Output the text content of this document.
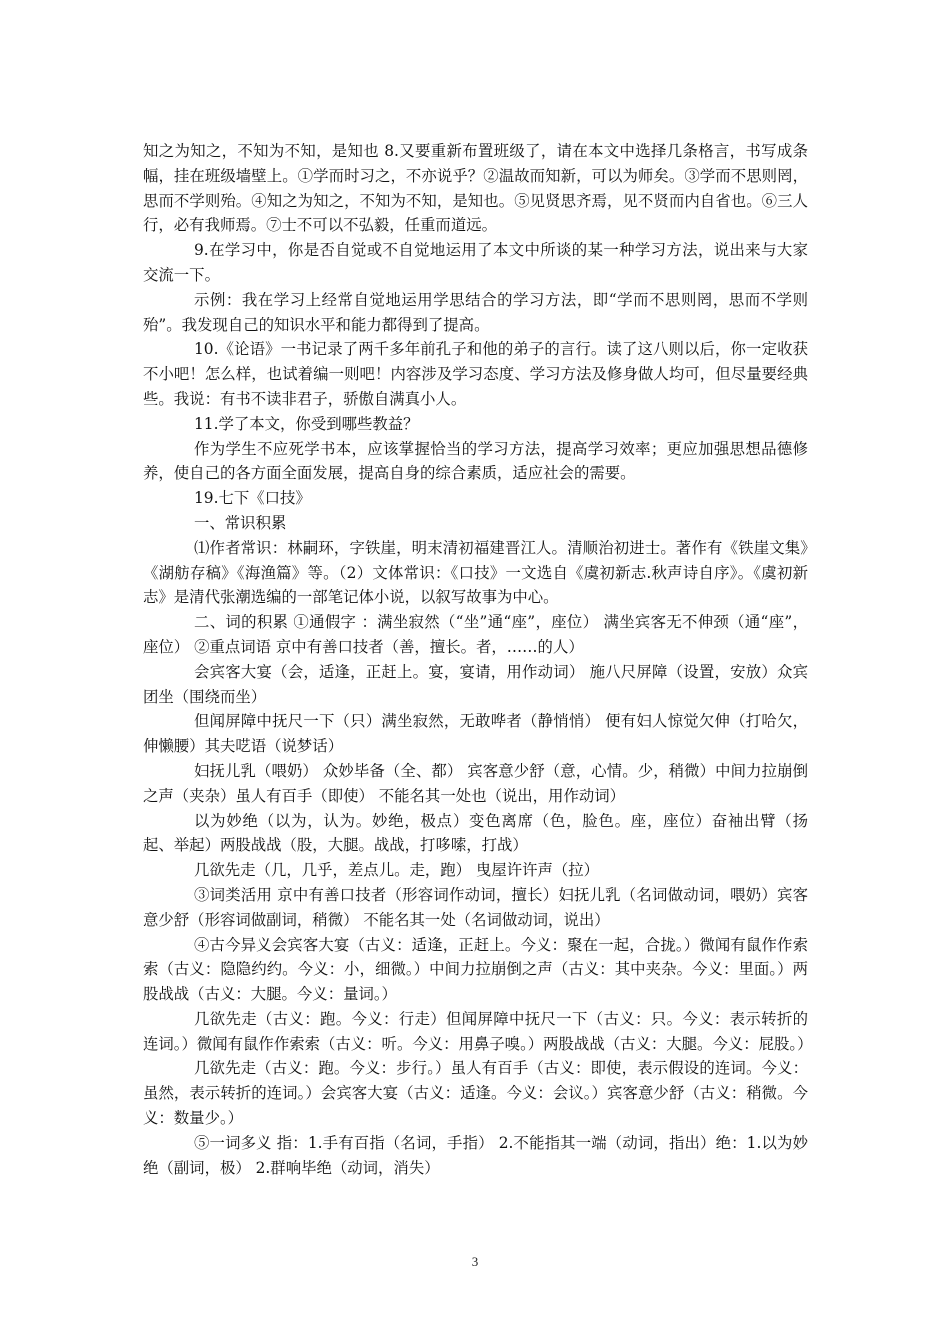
知之为知之，不知为不知，是知也 8.又要重新布置班级了，请在本文中选择几条格言，书写成条幅，挂在班级墙壁上。①学而时习之，不亦说乎？②温故而知新，可以为师矣。③学而不思则罔，思而不学则殆。④知之为知之，不知为不知，是知也。⑤见贤思齐焉，见不贤而内自省也。⑥三人行，必有我师焉。⑦士不可以不弘毅，任重而道远。

9.在学习中，你是否自觉或不自觉地运用了本文中所谈的某一种学习方法，说出来与大家交流一下。

示例：我在学习上经常自觉地运用学思结合的学习方法，即“学而不思则罔，思而不学则殆”。我发现自己的知识水平和能力都得到了提高。

10.《论语》一书记录了两千多年前孔子和他的弟子的言行。读了这八则以后，你一定收获不小吧！怎么样，也试着编一则吧！内容涉及学习态度、学习方法及修身做人均可，但尽量要经典些。我说：有书不读非君子，骄傲自满真小人。

11.学了本文，你受到哪些教益？

作为学生不应死学书本，应该掌握恰当的学习方法，提高学习效率；更应加强思想品德修养，使自己的各方面全面发展，提高自身的综合素质，适应社会的需要。

19.七下《口技》

一、常识积累

⑴作者常识：林嗣环，字铁崖，明末清初福建晋江人。清顺治初进士。著作有《铁崖文集》《湖舫存稿》《海渔篇》等。（2）文体常识：《口技》一文选自《虞初新志.秋声诗自序》。《虞初新志》是清代张潮选编的一部笔记体小说，以叙写故事为中心。

二、词的积累 ①通假字 ：满坐寂然（“坐”通“座”，座位） 满坐宾客无不伸颈（通“座”，座位） ②重点词语 京中有善口技者（善，擅长。者，……的人）

会宾客大宴（会，适逢，正赶上。宴，宴请，用作动词） 施八尺屏障（设置，安放）众宾团坐（围绕而坐）

但闻屏障中抚尺一下（只）满坐寂然，无敢哗者（静悄悄） 便有妇人惊觉欠伸（打哈欠，伸懒腰）其夫呓语（说梦话）

妇抚儿乳（喂奶） 众妙毕备（全、都） 宾客意少舒（意，心情。少，稍微）中间力拉崩倒之声（夹杂）虽人有百手（即使） 不能名其一处也（说出，用作动词）

以为妙绝（以为，认为。妙绝，极点）变色离席（色，脸色。座，座位）奋袖出臂（扬起、举起）两股战战（股，大腿。战战，打哆嗦，打战）

几欲先走（几，几乎，差点儿。走，跑） 曳屋许许声（拉）

③词类活用 京中有善口技者（形容词作动词，擅长）妇抚儿乳（名词做动词，喂奶）宾客意少舒（形容词做副词，稍微） 不能名其一处（名词做动词，说出）

④古今异义会宾客大宴（古义：适逢，正赶上。今义：聚在一起，合拢。）微闻有鼠作作索索（古义：隐隐约约。今义：小，细微。）中间力拉崩倒之声（古义：其中夹杂。今义：里面。）两股战战（古义：大腿。今义：量词。）

几欲先走（古义：跑。今义：行走）但闻屏障中抚尺一下（古义：只。今义：表示转折的连词。）微闻有鼠作作索索（古义：听。今义：用鼻子嗅。）两股战战（古义：大腿。今义：屁股。）

几欲先走（古义：跑。今义：步行。）虽人有百手（古义：即使，表示假设的连词。今义：虽然，表示转折的连词。）会宾客大宴（古义：适逢。今义：会议。）宾客意少舒（古义：稍微。今义：数量少。）

⑤一词多义 指：1.手有百指（名词，手指） 2.不能指其一端（动词，指出）绝：1.以为妙绝（副词，极） 2.群响毕绝（动词，消失）

3
